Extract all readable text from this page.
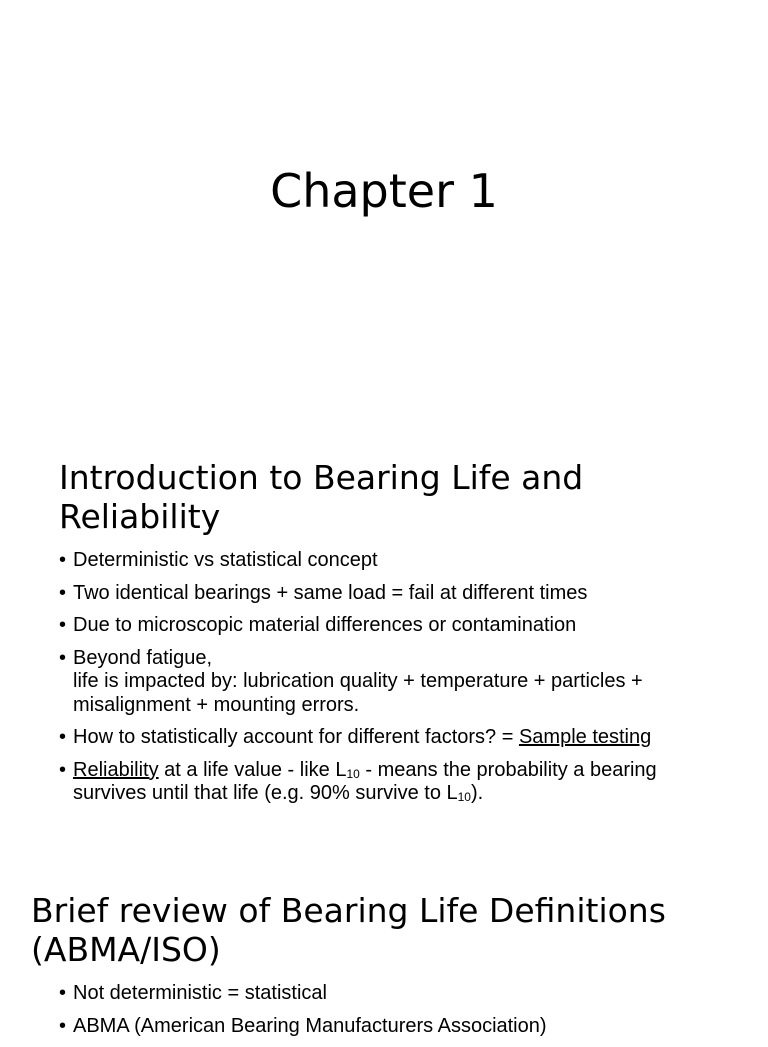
Chapter 1
Introduction to Bearing Life and Reliability
• Deterministic vs statistical concept
• Two identical bearings + same load = fail at different times
• Due to microscopic material differences or contamination
• Beyond fatigue,
life is impacted by: lubrication quality + temperature + particles + misalignment + mounting errors.
• How to statistically account for different factors? = Sample testing
• Reliability at a life value - like $L_{10}$ - means the probability a bearing survives until that life (e.g. 90% survive to $L_{10}$).
Brief review of Bearing Life Definitions (ABMA/ISO)
• Not deterministic = statistical
• ABMA (American Bearing Manufacturers Association)
